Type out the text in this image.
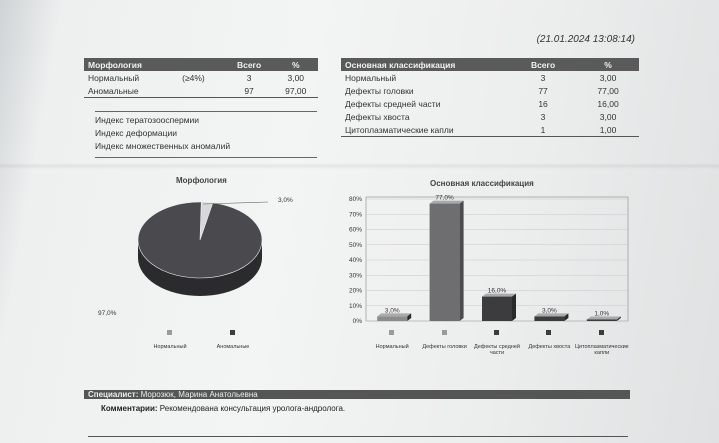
(21.01.2024 13:08:14)
Морфология		Всего	%
Нормальный	(≥4%)	3	3,00
Аномальные		97	97,00
Индекс тератозооспермии
Индекс деформации
Индекс множественных аномалий
Основная классификация	Всего	%
Нормальный	3	3,00
Дефекты головки	77	77,00
Дефекты средней части	16	16,00
Дефекты хвоста	3	3,00
Цитоплазматические капли	1	1,00
Морфология
3,0%
97,0%
Нормальный	Аномальные
Основная классификация
0%
10%
20%
30%
40%
50%
60%
70%
80%
3,0%
77,0%
16,0%
3,0%	1,0%
Нормальный	Дефекты головки	Дефекты средней части
Дефекты хвоста Цитоплазматические капли
Специалист: Морозюк, Марина Анатольевна
Комментарии: Рекомендована консультация уролога-андролога.
